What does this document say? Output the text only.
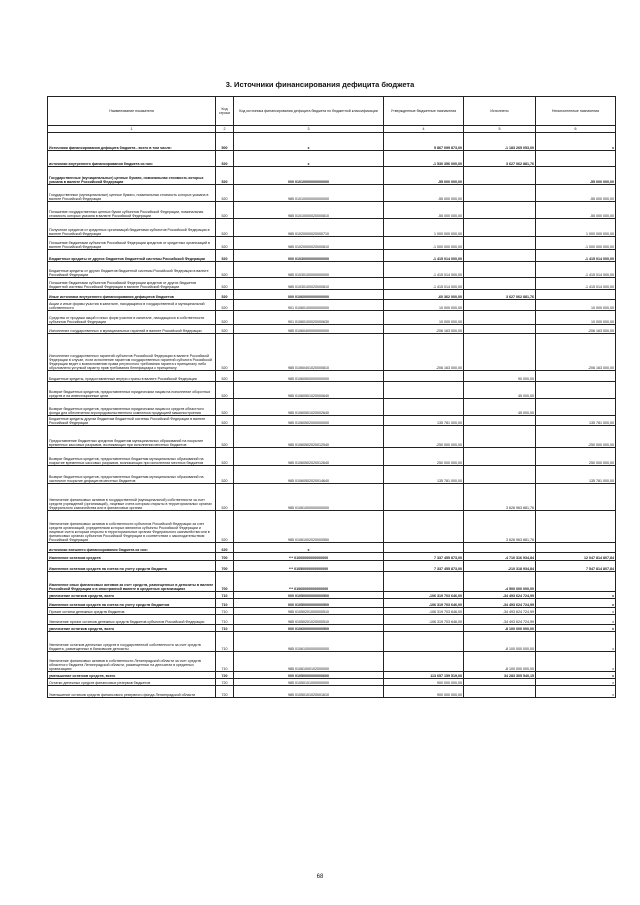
3. Источники финансирования дефицита бюджета
Наименование показателя	Код строки	Код источника финансирования дефицита бюджета по бюджетной классификации	Утвержденные бюджетные назначения	Исполнено	Неисполненные назначения
1	2	3	4	5	6
Источники финансирования дефицита бюджета - всего в том числе:	500	x	5 867 099 873,00	-1 183 265 053,00	x
источники внутреннего финансирования бюджета из них:	520	x	-1 530 356 000,00	3 627 062 881,76	
Государственные (муниципальные) ценные бумаги, номинальная стоимость которых указана в валюте Российской Федерации	520	000 01010000000000000	-55 000 000,00		-55 000 000,00
Государственные (муниципальные) ценные бумаги, номинальная стоимость которых указана в валюте Российской Федерации	520	985 01010000000000000	-55 000 000,00		-55 000 000,00
Погашение государственных ценных бумаг субъектов Российской Федерации, номинальная стоимость которых указана в валюте Российской Федерации	520	985 01010000020000810	-55 000 000,00		-55 000 000,00
Получение кредитов от кредитных организаций бюджетами субъектов Российской Федерации в валюте Российской Федерации	520	985 01020000020000710	1 000 000 000,00		1 000 000 000,00
Погашение бюджетами субъектов Российской Федерации кредитов от кредитных организаций в валюте Российской Федерации	520	985 01020000020000810	-1 000 000 000,00		-1 000 000 000,00
Бюджетные кредиты от других бюджетов бюджетной системы Российской Федерации	520	000 01030000000000000	-1 415 014 000,00		-1 415 014 000,00
Бюджетные кредиты от других бюджетов бюджетной системы Российской Федерации в валюте Российской Федерации	520	985 01030100000000000	-1 415 014 000,00		-1 415 014 000,00
Погашение бюджетами субъектов Российской Федерации кредитов от других бюджетов бюджетной системы Российской Федерации в валюте Российской Федерации	520	985 01030100020000810	-1 415 014 000,00		-1 415 014 000,00
Иные источники внутреннего финансирования дефицитов бюджетов	520	000 01060000000000000	-60 362 000,00	3 627 062 881,76	
Акции и иные формы участия в капитале, находящиеся в государственной и муниципальной собственности	520	901 01060100000000000	10 000 000,00		10 000 000,00
Средства от продажи акций и иных форм участия в капитале, находящихся в собственности субъектов Российской Федерации	520	901 01060100020000630	10 000 000,00		10 000 000,00
Исполнение государственных и муниципальных гарантий в валюте Российской Федерации	520	985 01060400000000000	-206 163 000,00		-206 163 000,00
Исполнение государственных гарантий субъектов Российской Федерации в валюте Российской Федерации в случае, если исполнение гарантом государственных гарантий субъекта Российской Федерации ведет к возникновению права регрессного требования гаранта к принципалу либо обусловлено уступкой гаранту прав требования бенефициара к принципалу	520	985 01060401020000810	-206 163 000,00		-206 163 000,00
Бюджетные кредиты, предоставленные внутри страны в валюте Российской Федерации	520	985 01060500000000000		90 000,00	
Возврат бюджетных кредитов, предоставленных юридическим лицам на пополнение оборотных средств и на инвестиционные цели	520	985 01060501020000640		45 000,00	
Возврат бюджетных кредитов, предоставленных юридическим лицам из средств областного фонда для обеспечения агропродовольственного комплекса продукцией машиностроения	520	985 01060501020002640		45 000,00	
Бюджетные кредиты другим бюджетам бюджетной системы Российской Федерации в валюте Российской Федерации	520	985 01060502000000000	135 781 000,00		135 781 000,00
Предоставление бюджетных кредитов бюджетам муниципальных образований на покрытие временных кассовых разрывов, возникающих при исполнении местных бюджетов	520	985 01060502020012540	-250 000 000,00		-250 000 000,00
Возврат бюджетных кредитов, предоставленных бюджетам муниципальных образований на покрытие временных кассовых разрывов, возникающих при исполнении местных бюджетов	520	985 01060502020012640	250 000 000,00		250 000 000,00
Возврат бюджетных кредитов, предоставленных бюджетам муниципальных образований на частичное покрытие дефицитов местных бюджетов	520	985 01060502020014640	135 781 000,00		135 781 000,00
Увеличение финансовых активов в государственной (муниципальной) собственности за счет средств учреждений (организаций), лицевые счета которым открыты в территориальных органах Федерального казначейства или в финансовых органах	520	985 01061000000000000		3 626 963 881,76	
Увеличение финансовых активов в собственности субъектов Российской Федерации за счет средств организаций, учредителями которых являются субъекты Российской Федерации и лицевые счета которым открыты в территориальных органах Федерального казначейства или в финансовых органах субъектов Российской Федерации в соответствии с законодательством Российской Федерации	520	985 01061002020000550		3 626 963 881,76	
источники внешнего финансирования бюджета из них:	620	x			
Изменение остатков средств	700	*** 01000000000000000	7 337 455 873,00	-4 710 316 934,84	12 047 814 807,84
Изменение остатков средств на счетах по учету средств бюджета	700	*** 01050000000000000	7 337 455 873,00	-210 318 934,84	7 547 814 807,84
Изменение иных финансовых активов за счет средств, размещенных в депозиты в валюте Российской Федерации и в иностранной валюте в кредитных организациях	700	*** 01060000000000000		-4 500 000 000,00	
увеличение остатков средств, всего	710	000 01050000000000500	-106 319 703 646,00	-34 493 624 724,99	x
Изменение остатков средств на счетах по учету средств бюджетов	710	000 01050000000000500	-106 319 703 646,00	-34 493 624 724,99	x
Прочие остатки денежных средств бюджетов	710	985 01050201000000510	-106 319 703 646,00	-34 493 624 724,99	x
Увеличение прочих остатков денежных средств бюджетов субъектов Российской Федерации	710	985 01050201020000510	-106 319 703 646,00	-34 493 624 724,99	x
увеличение остатков средств, всего	710	000 01060000000000500		-8 100 000 000,00	x
Увеличение остатков денежных средств в государственной собственности за счет средств бюджета, размещенных в банковские депозиты	710	985 01061000000000000		-8 100 000 000,00	x
Увеличение финансовых активов в собственности Ленинградской области за счет средств областного бюджета Ленинградской области, размещенных на депозитах в кредитных организациях	710	985 01061000102000000		-8 100 000 000,00	x
уменьшение остатков средств, всего	720	000 01050000000000600	113 657 159 519,00	34 283 305 540,15	x
Остатки денежных средств финансовых резервов бюджетов	720	985 01050101000000000	900 000 000,00		x
Уменьшение остатков средств финансового резервного фонда Ленинградской области	720	985 01050101020001610	900 000 000,00		x
68
